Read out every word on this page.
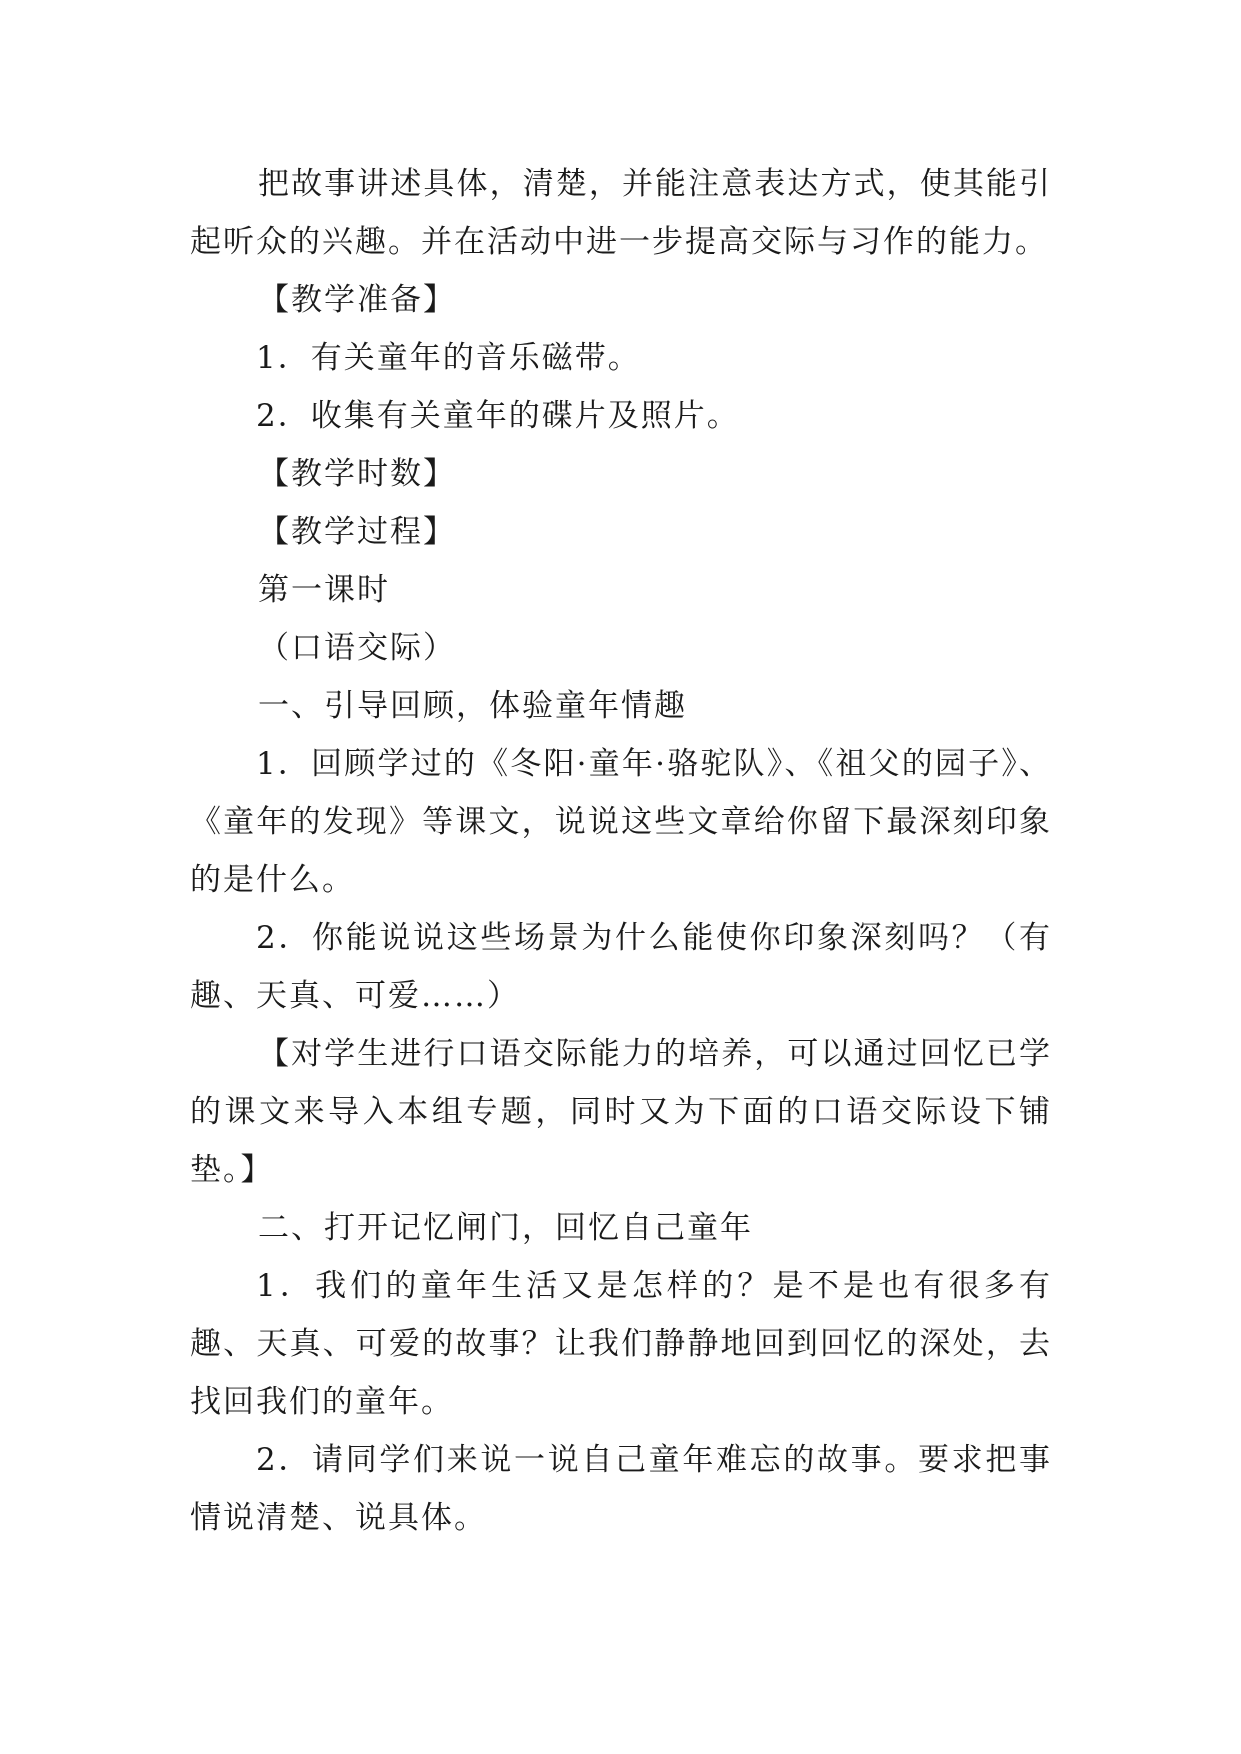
把故事讲述具体，清楚，并能注意表达方式，使其能引起听众的兴趣。并在活动中进一步提高交际与习作的能力。

【教学准备】

1．有关童年的音乐磁带。

2．收集有关童年的碟片及照片。

【教学时数】

【教学过程】

第一课时

（口语交际）

一、引导回顾，体验童年情趣

1．回顾学过的《冬阳·童年·骆驼队》、《祖父的园子》、《童年的发现》等课文，说说这些文章给你留下最深刻印象的是什么。

2．你能说说这些场景为什么能使你印象深刻吗？（有趣、天真、可爱……）

【对学生进行口语交际能力的培养，可以通过回忆已学的课文来导入本组专题，同时又为下面的口语交际设下铺垫。】

二、打开记忆闸门，回忆自己童年

1．我们的童年生活又是怎样的？是不是也有很多有趣、天真、可爱的故事？让我们静静地回到回忆的深处，去找回我们的童年。

2．请同学们来说一说自己童年难忘的故事。要求把事情说清楚、说具体。
